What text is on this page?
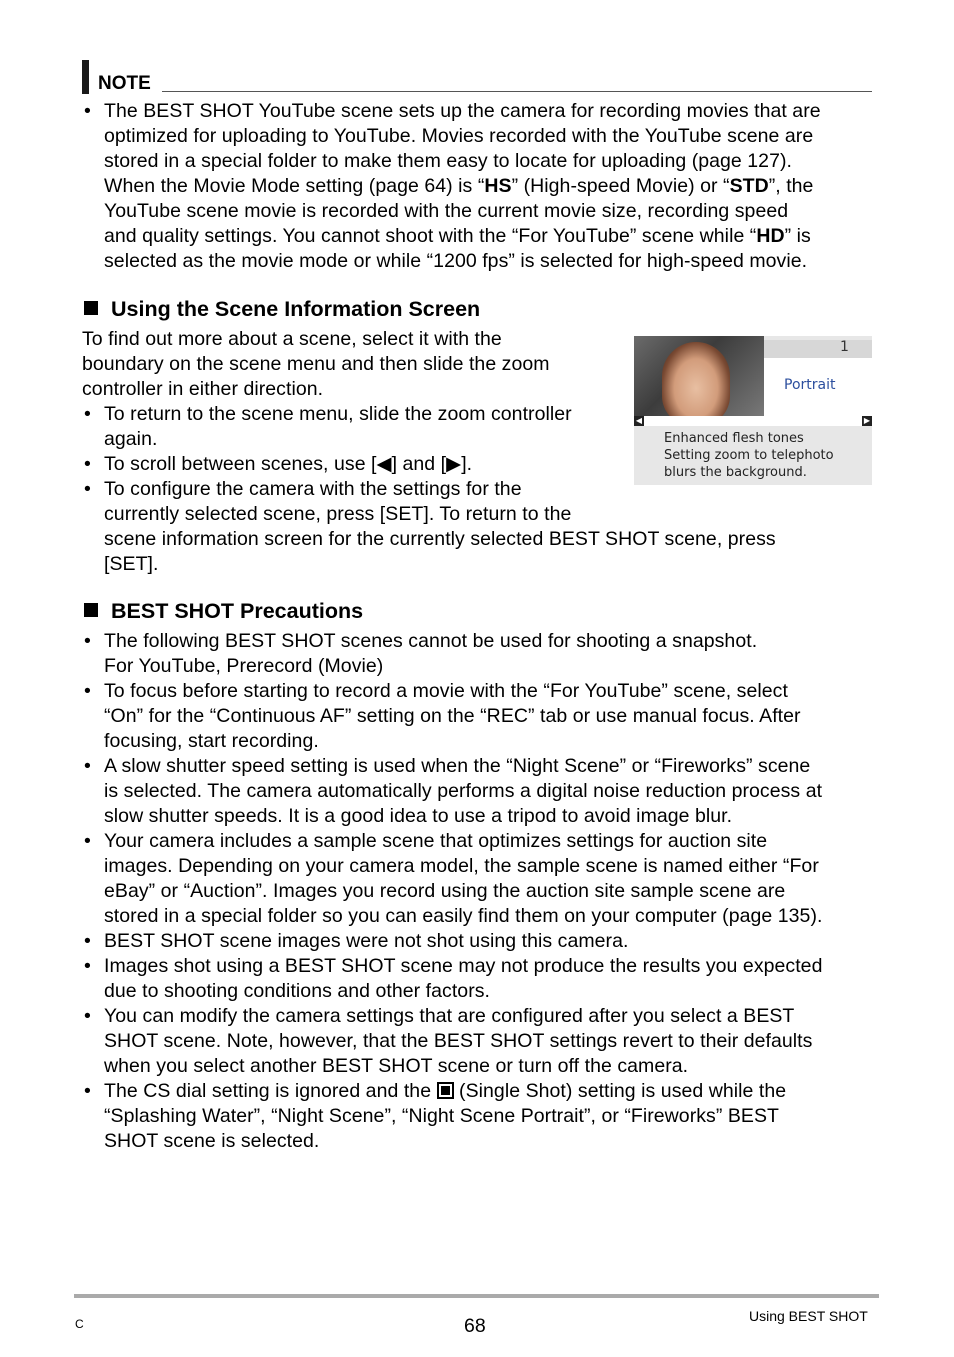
NOTE
• The BEST SHOT YouTube scene sets up the camera for recording movies that are
optimized for uploading to YouTube. Movies recorded with the YouTube scene are
stored in a special folder to make them easy to locate for uploading (page 127).
When the Movie Mode setting (page 64) is “HS” (High-speed Movie) or “STD”, the
YouTube scene movie is recorded with the current movie size, recording speed
and quality settings. You cannot shoot with the “For YouTube” scene while “HD” is
selected as the movie mode or while “1200 fps” is selected for high-speed movie.
Using the Scene Information Screen
To find out more about a scene, select it with the
boundary on the scene menu and then slide the zoom
controller in either direction.
• To return to the scene menu, slide the zoom controller
again.
• To scroll between scenes, use [◀] and [▶].
• To configure the camera with the settings for the
currently selected scene, press [SET]. To return to the
scene information screen for the currently selected BEST SHOT scene, press
[SET].
1
Portrait
◀	▶
Enhanced flesh tones
Setting zoom to telephoto
blurs the background.
BEST SHOT Precautions
• The following BEST SHOT scenes cannot be used for shooting a snapshot.
For YouTube, Prerecord (Movie)
• To focus before starting to record a movie with the “For YouTube” scene, select
“On” for the “Continuous AF” setting on the “REC” tab or use manual focus. After
focusing, start recording.
• A slow shutter speed setting is used when the “Night Scene” or “Fireworks” scene
is selected. The camera automatically performs a digital noise reduction process at
slow shutter speeds. It is a good idea to use a tripod to avoid image blur.
• Your camera includes a sample scene that optimizes settings for auction site
images. Depending on your camera model, the sample scene is named either “For
eBay” or “Auction”. Images you record using the auction site sample scene are
stored in a special folder so you can easily find them on your computer (page 135).
• BEST SHOT scene images were not shot using this camera.
• Images shot using a BEST SHOT scene may not produce the results you expected
due to shooting conditions and other factors.
• You can modify the camera settings that are configured after you select a BEST
SHOT scene. Note, however, that the BEST SHOT settings revert to their defaults
when you select another BEST SHOT scene or turn off the camera.
• The CS dial setting is ignored and the (Single Shot) setting is used while the
“Splashing Water”, “Night Scene”, “Night Scene Portrait”, or “Fireworks” BEST
SHOT scene is selected.
C	68	Using BEST SHOT
